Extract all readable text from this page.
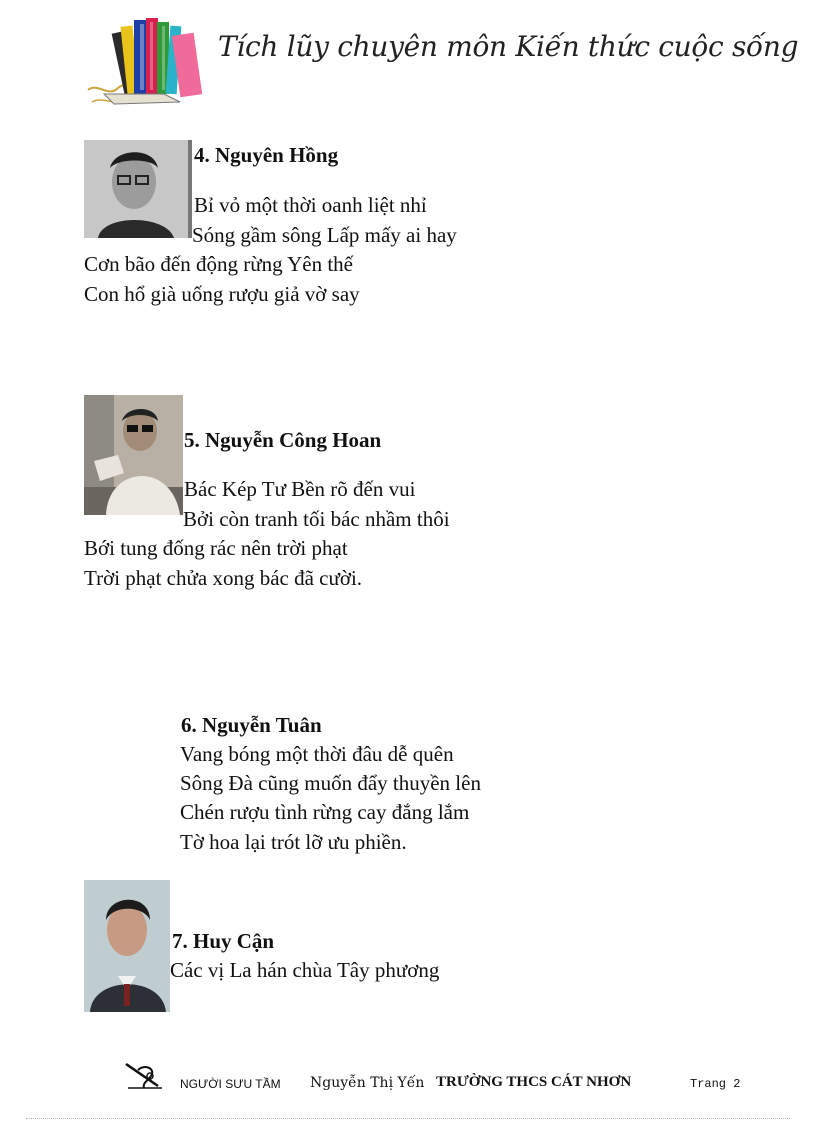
Tích lũy chuyên môn Kiến thức cuộc sống
4. Nguyên Hồng
Bỉ vỏ một thời oanh liệt nhỉ
Sóng gầm sông Lấp mấy ai hay
Cơn bão đến động rừng Yên thế
Con hổ già uống rượu giả vờ say
5. Nguyễn Công Hoan
Bác Kép Tư Bền rõ đến vui
Bởi còn tranh tối bác nhầm thôi
Bới tung đống rác nên trời phạt
Trời phạt chửa xong bác đã cười.
6. Nguyễn Tuân
Vang bóng một thời đâu dễ quên
Sông Đà cũng muốn đẩy thuyền lên
Chén rượu tình rừng cay đắng lắm
Tờ hoa lại trót lỡ ưu phiền.
7. Huy Cận
Các vị La hán chùa Tây phương
NGƯỜI SƯU TẦM Nguyễn Thị Yến TRƯỜNG THCS CÁT NHƠN	Trang 2
